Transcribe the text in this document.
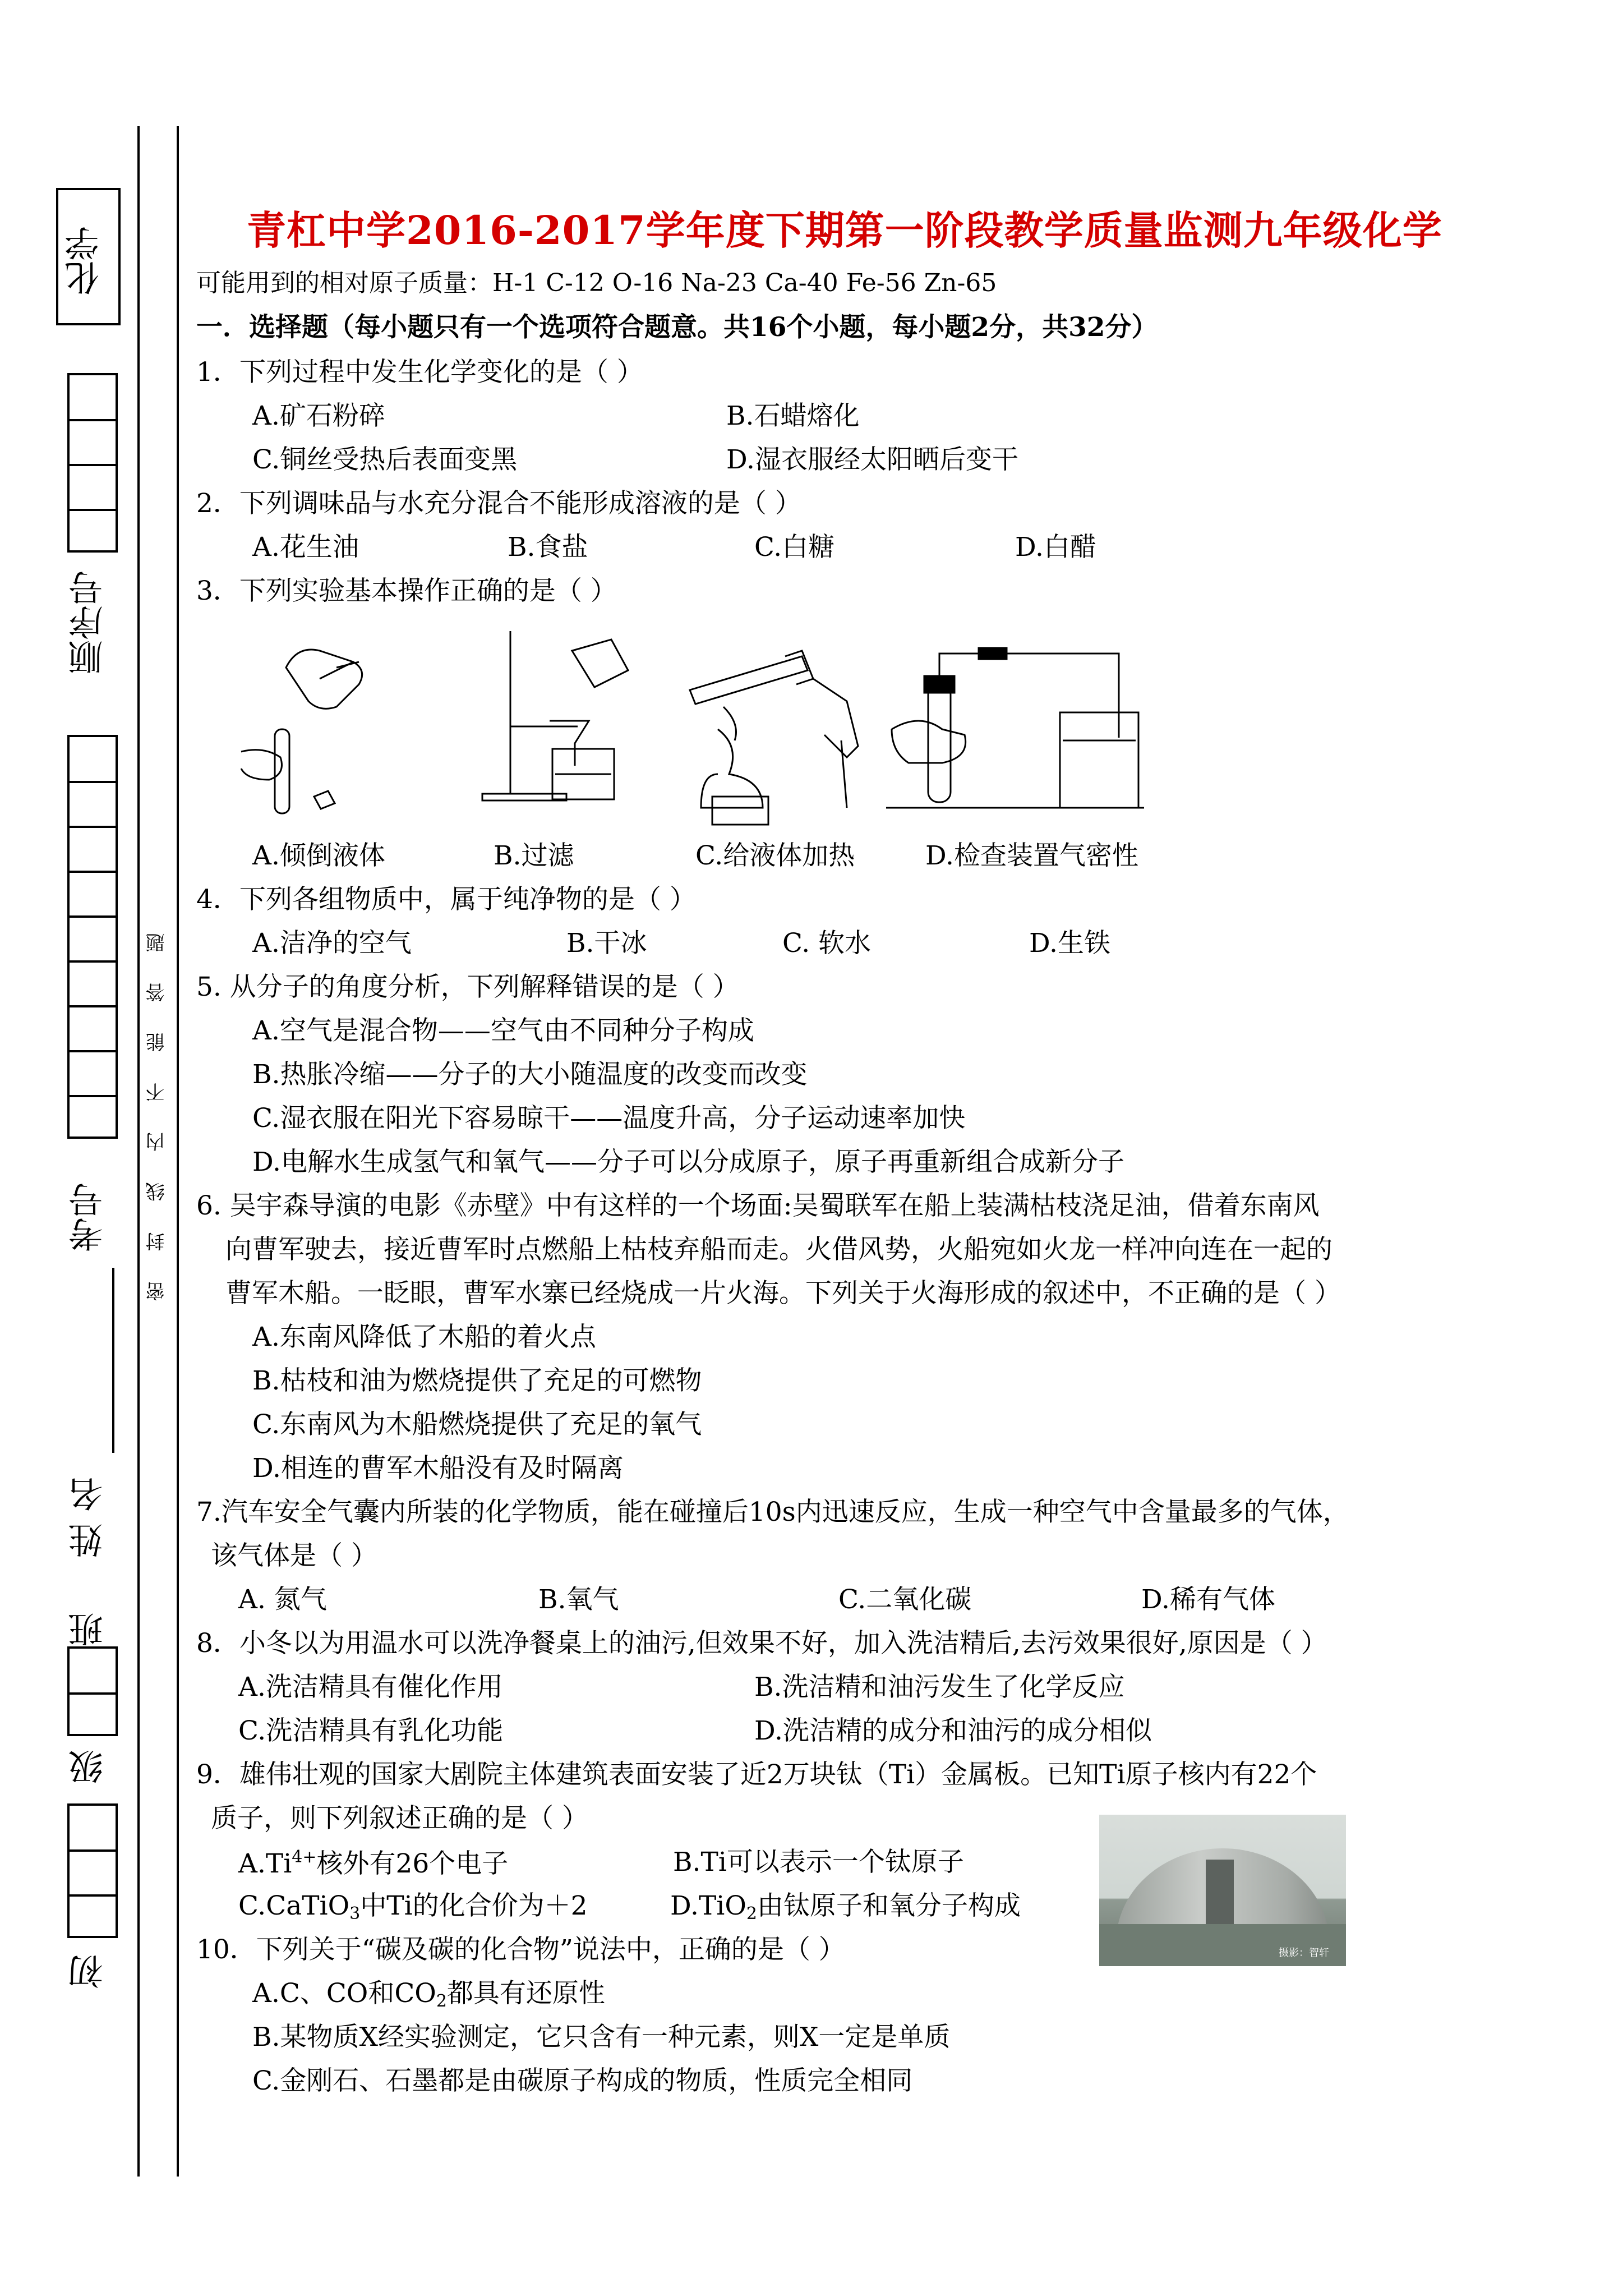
化学
顺序号
考号
姓 名
班
级
初
密 封 线 内 不 能 答 题
青杠中学2016-2017学年度下期第一阶段教学质量监测九年级化学
可能用到的相对原子质量：H-1 C-12 O-16 Na-23 Ca-40 Fe-56 Zn-65
一．选择题（每小题只有一个选项符合题意。共16个小题，每小题2分，共32分）
1．下列过程中发生化学变化的是（ ）
A.矿石粉碎	B.石蜡熔化
C.铜丝受热后表面变黑	D.湿衣服经太阳晒后变干
2．下列调味品与水充分混合不能形成溶液的是（ ）
A.花生油	B.食盐	C.白糖	D.白醋
3．下列实验基本操作正确的是（ ）
A.倾倒液体	B.过滤	C.给液体加热	D.检查装置气密性
4．下列各组物质中，属于纯净物的是（ ）
A.洁净的空气	B.干冰	C. 软水	D.生铁
5. 从分子的角度分析，下列解释错误的是（ ）
A.空气是混合物——空气由不同种分子构成
B.热胀冷缩——分子的大小随温度的改变而改变
C.湿衣服在阳光下容易晾干——温度升高，分子运动速率加快
D.电解水生成氢气和氧气——分子可以分成原子，原子再重新组合成新分子
6. 吴宇森导演的电影《赤壁》中有这样的一个场面:吴蜀联军在船上装满枯枝浇足油，借着东南风
向曹军驶去，接近曹军时点燃船上枯枝弃船而走。火借风势，火船宛如火龙一样冲向连在一起的
曹军木船。一眨眼，曹军水寨已经烧成一片火海。下列关于火海形成的叙述中，不正确的是（ ）
A.东南风降低了木船的着火点
B.枯枝和油为燃烧提供了充足的可燃物
C.东南风为木船燃烧提供了充足的氧气
D.相连的曹军木船没有及时隔离
7.汽车安全气囊内所装的化学物质，能在碰撞后10s内迅速反应，生成一种空气中含量最多的气体，
该气体是（ ）
A. 氮气	B.氧气	C.二氧化碳	D.稀有气体
8．小冬以为用温水可以洗净餐桌上的油污,但效果不好，加入洗洁精后,去污效果很好,原因是（ ）
A.洗洁精具有催化作用	B.洗洁精和油污发生了化学反应
C.洗洁精具有乳化功能	D.洗洁精的成分和油污的成分相似
9．雄伟壮观的国家大剧院主体建筑表面安装了近2万块钛（Ti）金属板。已知Ti原子核内有22个
质子，则下列叙述正确的是（ ）
$A.Ti^{4+}$核外有26个电子	B.Ti可以表示一个钛原子
C.CaTiO$_3$中Ti的化合价为＋2	D.TiO$_2$由钛原子和氧分子构成
摄影：智轩
10．下列关于“碳及碳的化合物”说法中，正确的是（ ）
A.C、CO和$CO_2$都具有还原性
B.某物质X经实验测定，它只含有一种元素，则X一定是单质
C.金刚石、石墨都是由碳原子构成的物质，性质完全相同
